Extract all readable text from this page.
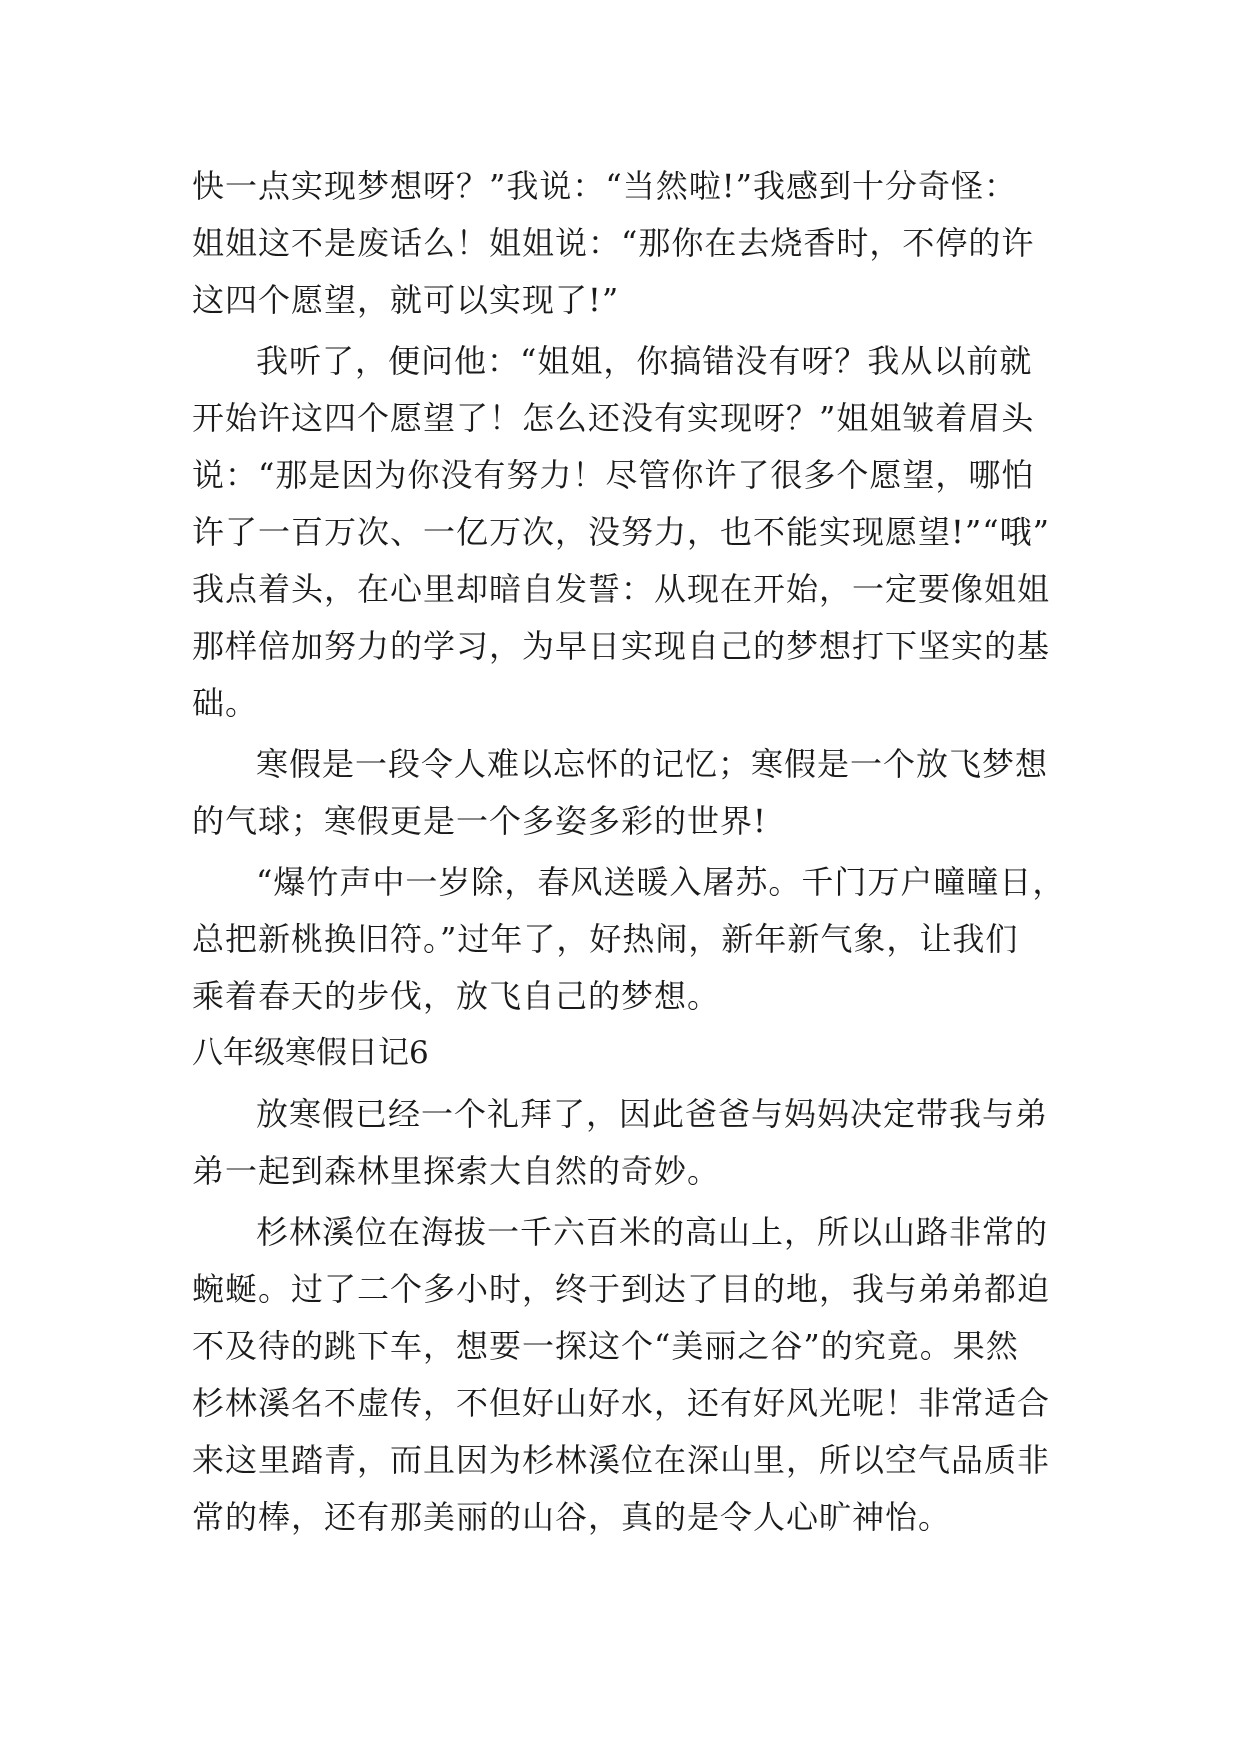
快一点实现梦想呀？”我说：“当然啦!”我感到十分奇怪：
姐姐这不是废话么！姐姐说：“那你在去烧香时，不停的许
这四个愿望，就可以实现了!”
我听了，便问他：“姐姐，你搞错没有呀？我从以前就
开始许这四个愿望了！怎么还没有实现呀？”姐姐皱着眉头
说：“那是因为你没有努力！尽管你许了很多个愿望，哪怕
许了一百万次、一亿万次，没努力，也不能实现愿望!”“哦”
我点着头，在心里却暗自发誓：从现在开始，一定要像姐姐
那样倍加努力的学习，为早日实现自己的梦想打下坚实的基
础。
寒假是一段令人难以忘怀的记忆；寒假是一个放飞梦想
的气球；寒假更是一个多姿多彩的世界!
“爆竹声中一岁除，春风送暖入屠苏。千门万户曈曈日，
总把新桃换旧符。”过年了，好热闹，新年新气象，让我们
乘着春天的步伐，放飞自己的梦想。
八年级寒假日记6
放寒假已经一个礼拜了，因此爸爸与妈妈决定带我与弟
弟一起到森林里探索大自然的奇妙。
杉林溪位在海拔一千六百米的高山上，所以山路非常的
蜿蜒。过了二个多小时，终于到达了目的地，我与弟弟都迫
不及待的跳下车，想要一探这个“美丽之谷”的究竟。果然
杉林溪名不虚传，不但好山好水，还有好风光呢！非常适合
来这里踏青，而且因为杉林溪位在深山里，所以空气品质非
常的棒，还有那美丽的山谷，真的是令人心旷神怡。
